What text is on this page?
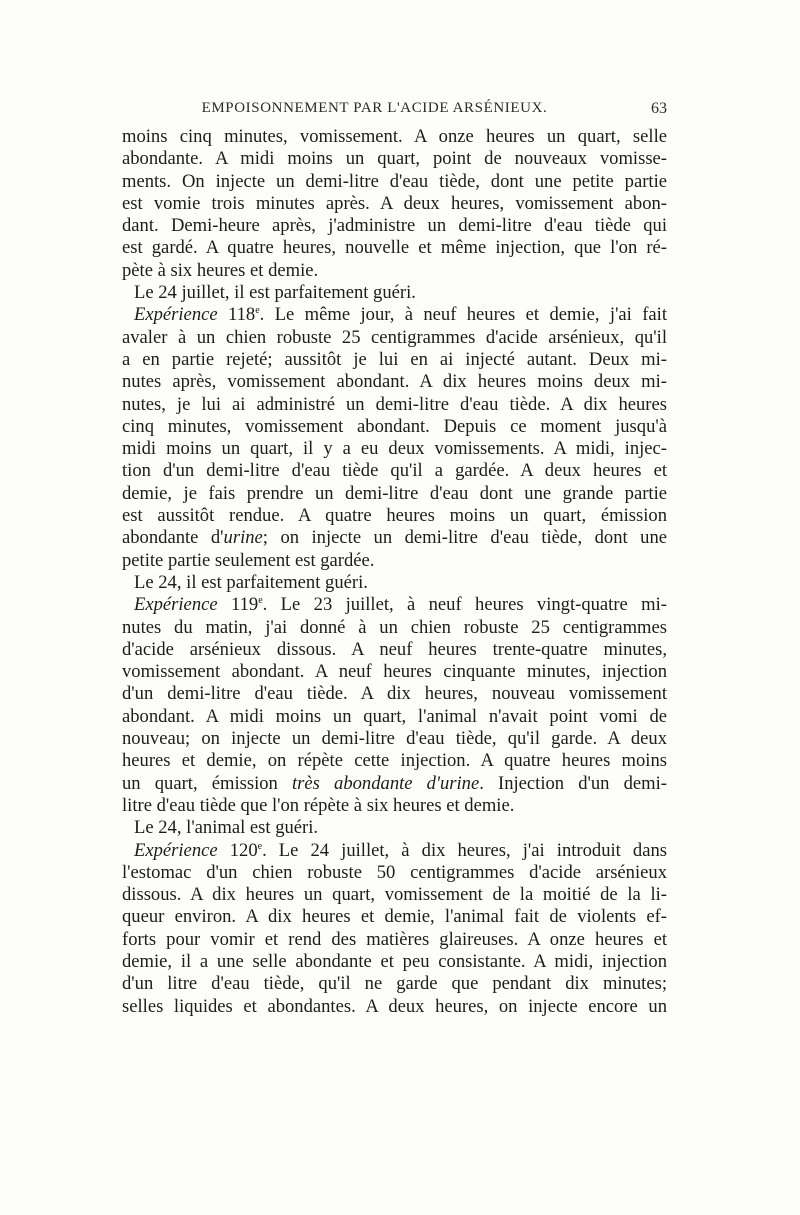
EMPOISONNEMENT PAR L'ACIDE ARSÉNIEUX.	63
moins cinq minutes, vomissement. A onze heures un quart, selle
abondante. A midi moins un quart, point de nouveaux vomisse-
ments. On injecte un demi-litre d'eau tiède, dont une petite partie
est vomie trois minutes après. A deux heures, vomissement abon-
dant. Demi-heure après, j'administre un demi-litre d'eau tiède qui
est gardé. A quatre heures, nouvelle et même injection, que l'on ré-
pète à six heures et demie.
Le 24 juillet, il est parfaitement guéri.
Expérience 118e. Le même jour, à neuf heures et demie, j'ai fait
avaler à un chien robuste 25 centigrammes d'acide arsénieux, qu'il
a en partie rejeté; aussitôt je lui en ai injecté autant. Deux mi-
nutes après, vomissement abondant. A dix heures moins deux mi-
nutes, je lui ai administré un demi-litre d'eau tiède. A dix heures
cinq minutes, vomissement abondant. Depuis ce moment jusqu'à
midi moins un quart, il y a eu deux vomissements. A midi, injec-
tion d'un demi-litre d'eau tiède qu'il a gardée. A deux heures et
demie, je fais prendre un demi-litre d'eau dont une grande partie
est aussitôt rendue. A quatre heures moins un quart, émission
abondante d'urine; on injecte un demi-litre d'eau tiède, dont une
petite partie seulement est gardée.
Le 24, il est parfaitement guéri.
Expérience 119e. Le 23 juillet, à neuf heures vingt-quatre mi-
nutes du matin, j'ai donné à un chien robuste 25 centigrammes
d'acide arsénieux dissous. A neuf heures trente-quatre minutes,
vomissement abondant. A neuf heures cinquante minutes, injection
d'un demi-litre d'eau tiède. A dix heures, nouveau vomissement
abondant. A midi moins un quart, l'animal n'avait point vomi de
nouveau; on injecte un demi-litre d'eau tiède, qu'il garde. A deux
heures et demie, on répète cette injection. A quatre heures moins
un quart, émission très abondante d'urine. Injection d'un demi-
litre d'eau tiède que l'on répète à six heures et demie.
Le 24, l'animal est guéri.
Expérience 120e. Le 24 juillet, à dix heures, j'ai introduit dans
l'estomac d'un chien robuste 50 centigrammes d'acide arsénieux
dissous. A dix heures un quart, vomissement de la moitié de la li-
queur environ. A dix heures et demie, l'animal fait de violents ef-
forts pour vomir et rend des matières glaireuses. A onze heures et
demie, il a une selle abondante et peu consistante. A midi, injection
d'un litre d'eau tiède, qu'il ne garde que pendant dix minutes;
selles liquides et abondantes. A deux heures, on injecte encore un
